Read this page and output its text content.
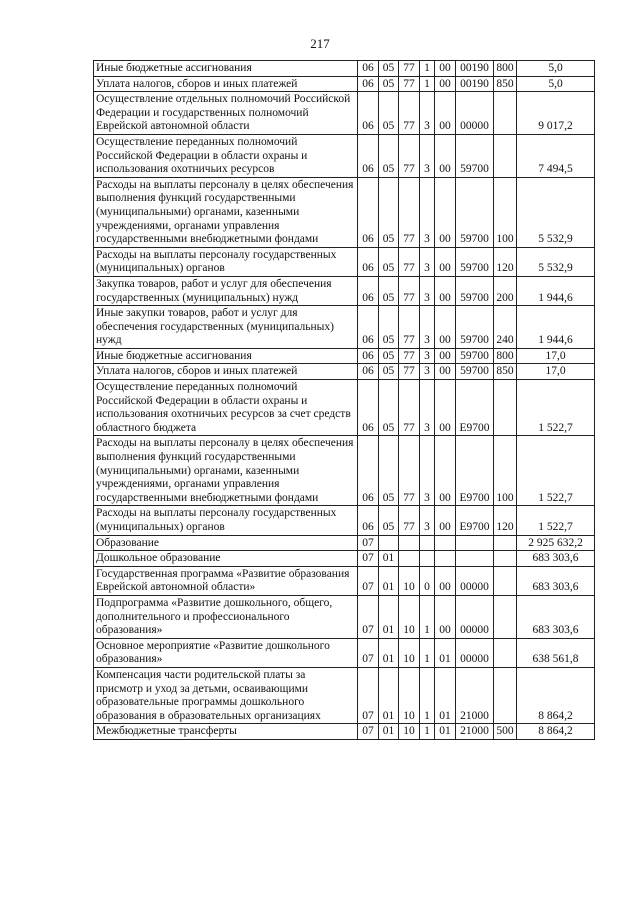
217
Иные бюджетные ассигнования	06	05	77	1	00	00190	800	5,0
Уплата налогов, сборов и иных платежей	06	05	77	1	00	00190	850	5,0
Осуществление отдельных полномочий Российской Федерации и государственных полномочий Еврейской автономной области	06	05	77	3	00	00000		9 017,2
Осуществление переданных полномочий Российской Федерации в области охраны и использования охотничьих ресурсов	06	05	77	3	00	59700		7 494,5
Расходы на выплаты персоналу в целях обеспечения выполнения функций государственными (муниципальными) органами, казенными учреждениями, органами управления государственными внебюджетными фондами	06	05	77	3	00	59700	100	5 532,9
Расходы на выплаты персоналу государственных (муниципальных) органов	06	05	77	3	00	59700	120	5 532,9
Закупка товаров, работ и услуг для обеспечения государственных (муниципальных) нужд	06	05	77	3	00	59700	200	1 944,6
Иные закупки товаров, работ и услуг для обеспечения государственных (муниципальных) нужд	06	05	77	3	00	59700	240	1 944,6
Иные бюджетные ассигнования	06	05	77	3	00	59700	800	17,0
Уплата налогов, сборов и иных платежей	06	05	77	3	00	59700	850	17,0
Осуществление переданных полномочий Российской Федерации в области охраны и использования охотничьих ресурсов за счет средств областного бюджета	06	05	77	3	00	Е9700		1 522,7
Расходы на выплаты персоналу в целях обеспечения выполнения функций государственными (муниципальными) органами, казенными учреждениями, органами управления государственными внебюджетными фондами	06	05	77	3	00	Е9700	100	1 522,7
Расходы на выплаты персоналу государственных (муниципальных) органов	06	05	77	3	00	Е9700	120	1 522,7
Образование	07							2 925 632,2
Дошкольное образование	07	01						683 303,6
Государственная программа «Развитие образования Еврейской автономной области»	07	01	10	0	00	00000		683 303,6
Подпрограмма «Развитие дошкольного, общего, дополнительного и профессионального образования»	07	01	10	1	00	00000		683 303,6
Основное мероприятие «Развитие дошкольного образования»	07	01	10	1	01	00000		638 561,8
Компенсация части родительской платы за присмотр и уход за детьми, осваивающими образовательные программы дошкольного образования в образовательных организациях	07	01	10	1	01	21000		8 864,2
Межбюджетные трансферты	07	01	10	1	01	21000	500	8 864,2
